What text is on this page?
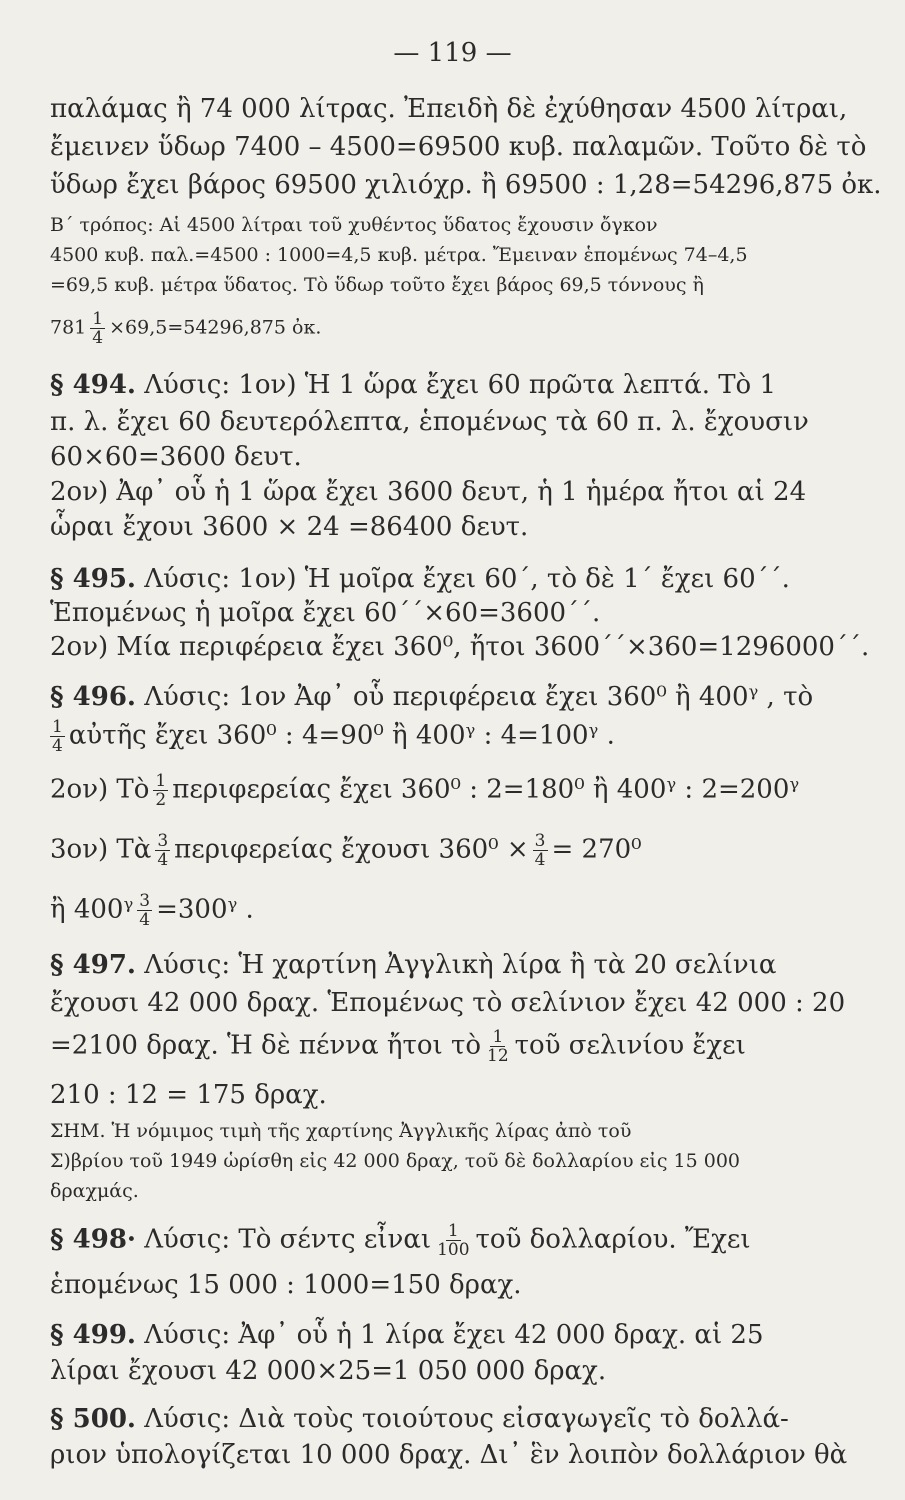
— 119 —
παλάμας ἢ 74 000 λίτρας. Ἐπειδὴ δὲ ἐχύθησαν 4500 λίτραι,
ἔμεινεν ὕδωρ 7400 – 4500=69500 κυβ. παλαμῶν. Τοῦτο δὲ τὸ
ὕδωρ ἔχει βάρος 69500 χιλιόχρ. ἢ 69500 : 1,28=54296,875 ὀκ.
Β΄ τρόπος: Αἱ 4500 λίτραι τοῦ χυθέντος ὕδατος ἔχουσιν ὄγκον
4500 κυβ. παλ.=4500 : 1000=4,5 κυβ. μέτρα. Ἔμειναν ἑπομένως 74–4,5
=69,5 κυβ. μέτρα ὕδατος. Τὸ ὕδωρ τοῦτο ἔχει βάρος 69,5 τόννους ἢ
$781 \frac{1}{4} \times 69,5=54296,875$ ὀκ.
§ 494. Λύσις: 1ον) Ἡ 1 ὥρα ἔχει 60 πρῶτα λεπτά. Τὸ 1
π. λ. ἔχει 60 δευτερόλεπτα, ἑπομένως τὰ 60 π. λ. ἔχουσιν
60×60=3600 δευτ.
2ον) Ἀφ᾽ οὗ ἡ 1 ὥρα ἔχει 3600 δευτ, ἡ 1 ἡμέρα ἤτοι αἱ 24
ὧραι ἔχουι 3600 × 24 =86400 δευτ.
§ 495. Λύσις: 1ον) Ἡ μοῖρα ἔχει 60΄, τὸ δὲ 1΄ ἔχει 60΄΄.
Ἑπομένως ἡ μοῖρα ἔχει 60΄΄×60=3600΄΄.
2ον) Μία περιφέρεια ἔχει 360⁰, ἤτοι 3600΄΄×360=1296000΄΄.
§ 496. Λύσις: 1ον Ἀφ᾽ οὗ περιφέρεια ἔχει 360⁰ ἢ 400ᵞ , τὸ
$\frac{1}{4}$ αὐτῆς ἔχει 360⁰ : 4=90⁰ ἢ 400ᵞ : 4=100ᵞ .
2ον) Τὸ $\frac{1}{2}$ περιφερείας ἔχει 360⁰ : 2=180⁰ ἢ 400ᵞ : 2=200ᵞ
3ον) Τὰ $\frac{3}{4}$ περιφερείας ἔχουσι $360^0 \times \frac{3}{4} = 270^0$
ἢ 400ᵞ $\frac{3}{4}$ =300ᵞ .
§ 497. Λύσις: Ἡ χαρτίνη Ἀγγλικὴ λίρα ἢ τὰ 20 σελίνια
ἔχουσι 42 000 δραχ. Ἑπομένως τὸ σελίνιον ἔχει 42 000 : 20
=2100 δραχ. Ἡ δὲ πέννα ἤτοι τὸ $\frac{1}{12}$ τοῦ σελινίου ἔχει
210 : 12 = 175 δραχ.
ΣΗΜ. Ἡ νόμιμος τιμὴ τῆς χαρτίνης Ἀγγλικῆς λίρας ἀπὸ τοῦ
Σ)βρίου τοῦ 1949 ὡρίσθη εἰς 42 000 δραχ, τοῦ δὲ δολλαρίου εἰς 15 000
δραχμάς.
§ 498· Λύσις: Τὸ σέντς εἶναι $\frac{1}{100}$ τοῦ δολλαρίου. Ἔχει
ἑπομένως 15 000 : 1000=150 δραχ.
§ 499. Λύσις: Ἀφ᾽ οὗ ἡ 1 λίρα ἔχει 42 000 δραχ. αἱ 25
λίραι ἔχουσι 42 000×25=1 050 000 δραχ.
§ 500. Λύσις: Διὰ τοὺς τοιούτους εἰσαγωγεῖς τὸ δολλά-
ριον ὑπολογίζεται 10 000 δραχ. Δι᾽ ἓν λοιπὸν δολλάριον θὰ
